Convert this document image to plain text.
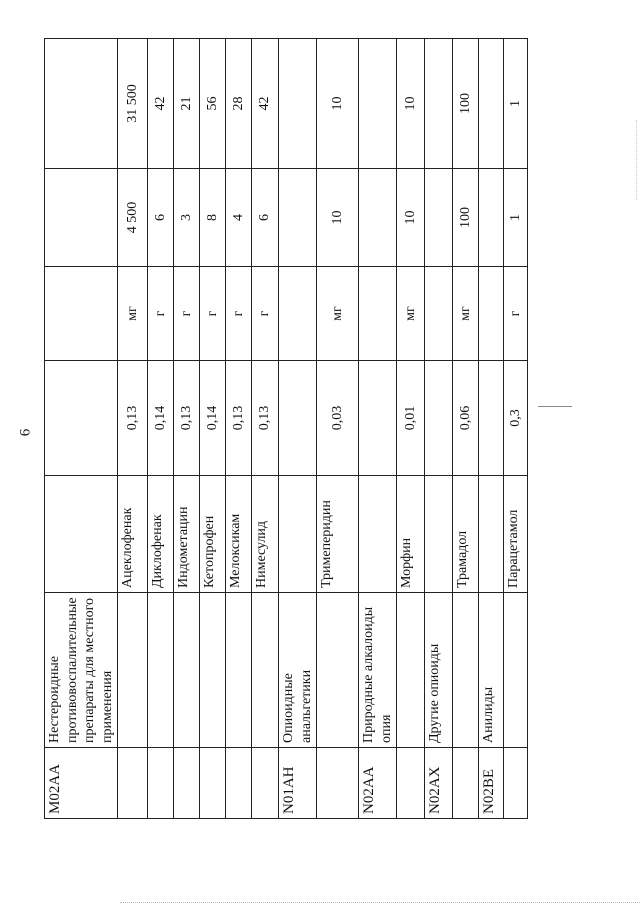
6
M02AA	Нестероидные противовоспалительные препараты для местного применения					
		Ацеклофенак	0,13	мг	4 500	31 500
		Диклофенак	0,14	г	6	42
		Индометацин	0,13	г	3	21
		Кетопрофен	0,14	г	8	56
		Мелоксикам	0,13	г	4	28
		Нимесулид	0,13	г	6	42
N01AH	Опиоидные анальгетики					
		Тримеперидин	0,03	мг	10	10
N02AA	Природные алкалоиды опия					
		Морфин	0,01	мг	10	10
N02AX	Другие опиоиды					
		Трамадол	0,06	мг	100	100
N02BE	Анилиды					
		Парацетамол	0,3	г	1	1
